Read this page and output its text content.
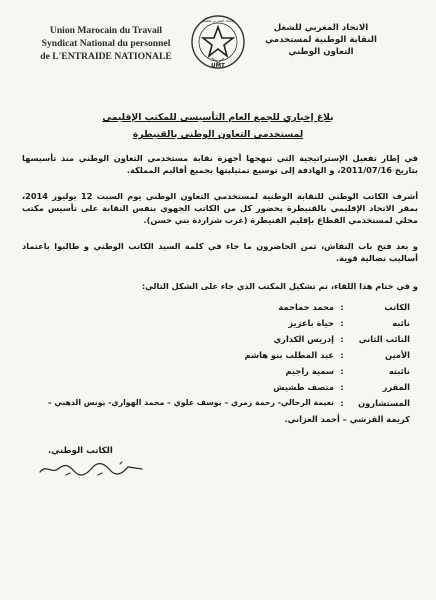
Union Marocain du Travail
Syndicat National du personnel
de L'ENTRAIDE NATIONALE
UMT
الاتحاد المغربي للشغل
الاتحاد المغربي للشغل
النقابة الوطنية لمستخدمي
التعاون الوطني
بلاغ إخباري للجمع العام التأسيسي للمكتب الإقليمي
لمستخدمي التعاون الوطني بالقنيطرة
في إطار تفعيل الإستراتيجية التي تنهجها أجهزة نقابة مستخدمي التعاون الوطني منذ تأسيسها بتاريخ 2011/07/16، و الهادفة إلى توسيع تمثيليتها بجميع أقاليم المملكة.
أشرف الكاتب الوطني للنقابة الوطنية لمستخدمي التعاون الوطني يوم السبت 12 يوليوز 2014، بمقر الاتحاد الإقليمي بالقنيطرة بحضور كل من الكاتب الجهوي بنفس النقابة على تأسيس مكتب محلي لمستخدمي القطاع بإقليم القنيطرة (غرب شراردة بني حسن).
و بعد فتح باب النقاش، ثمن الحاضرون ما جاء في كلمة السيد الكاتب الوطني و طالبوا باعتماد أساليب نضالية قوية.
و في ختام هذا اللقاء، تم تشكيل المكتب الذي جاء على الشكل التالي:
الكاتب
:
محمد حماحمة
نائبه
:
حياة باعزيز
النائب الثاني
:
إدريس الكداري
الأمين
:
عبد المطلب بنو هاشم
نائبته
:
سمية راجيم
المقرر
:
منصف طشيش
المستشارون
:
نعيمة الرحالي- رحمة زمري – يوسف علوي – محمد الهواري- يونس الدهبي –
كريمة القرشي – أحمد العزاني.
الكاتب الوطني.
